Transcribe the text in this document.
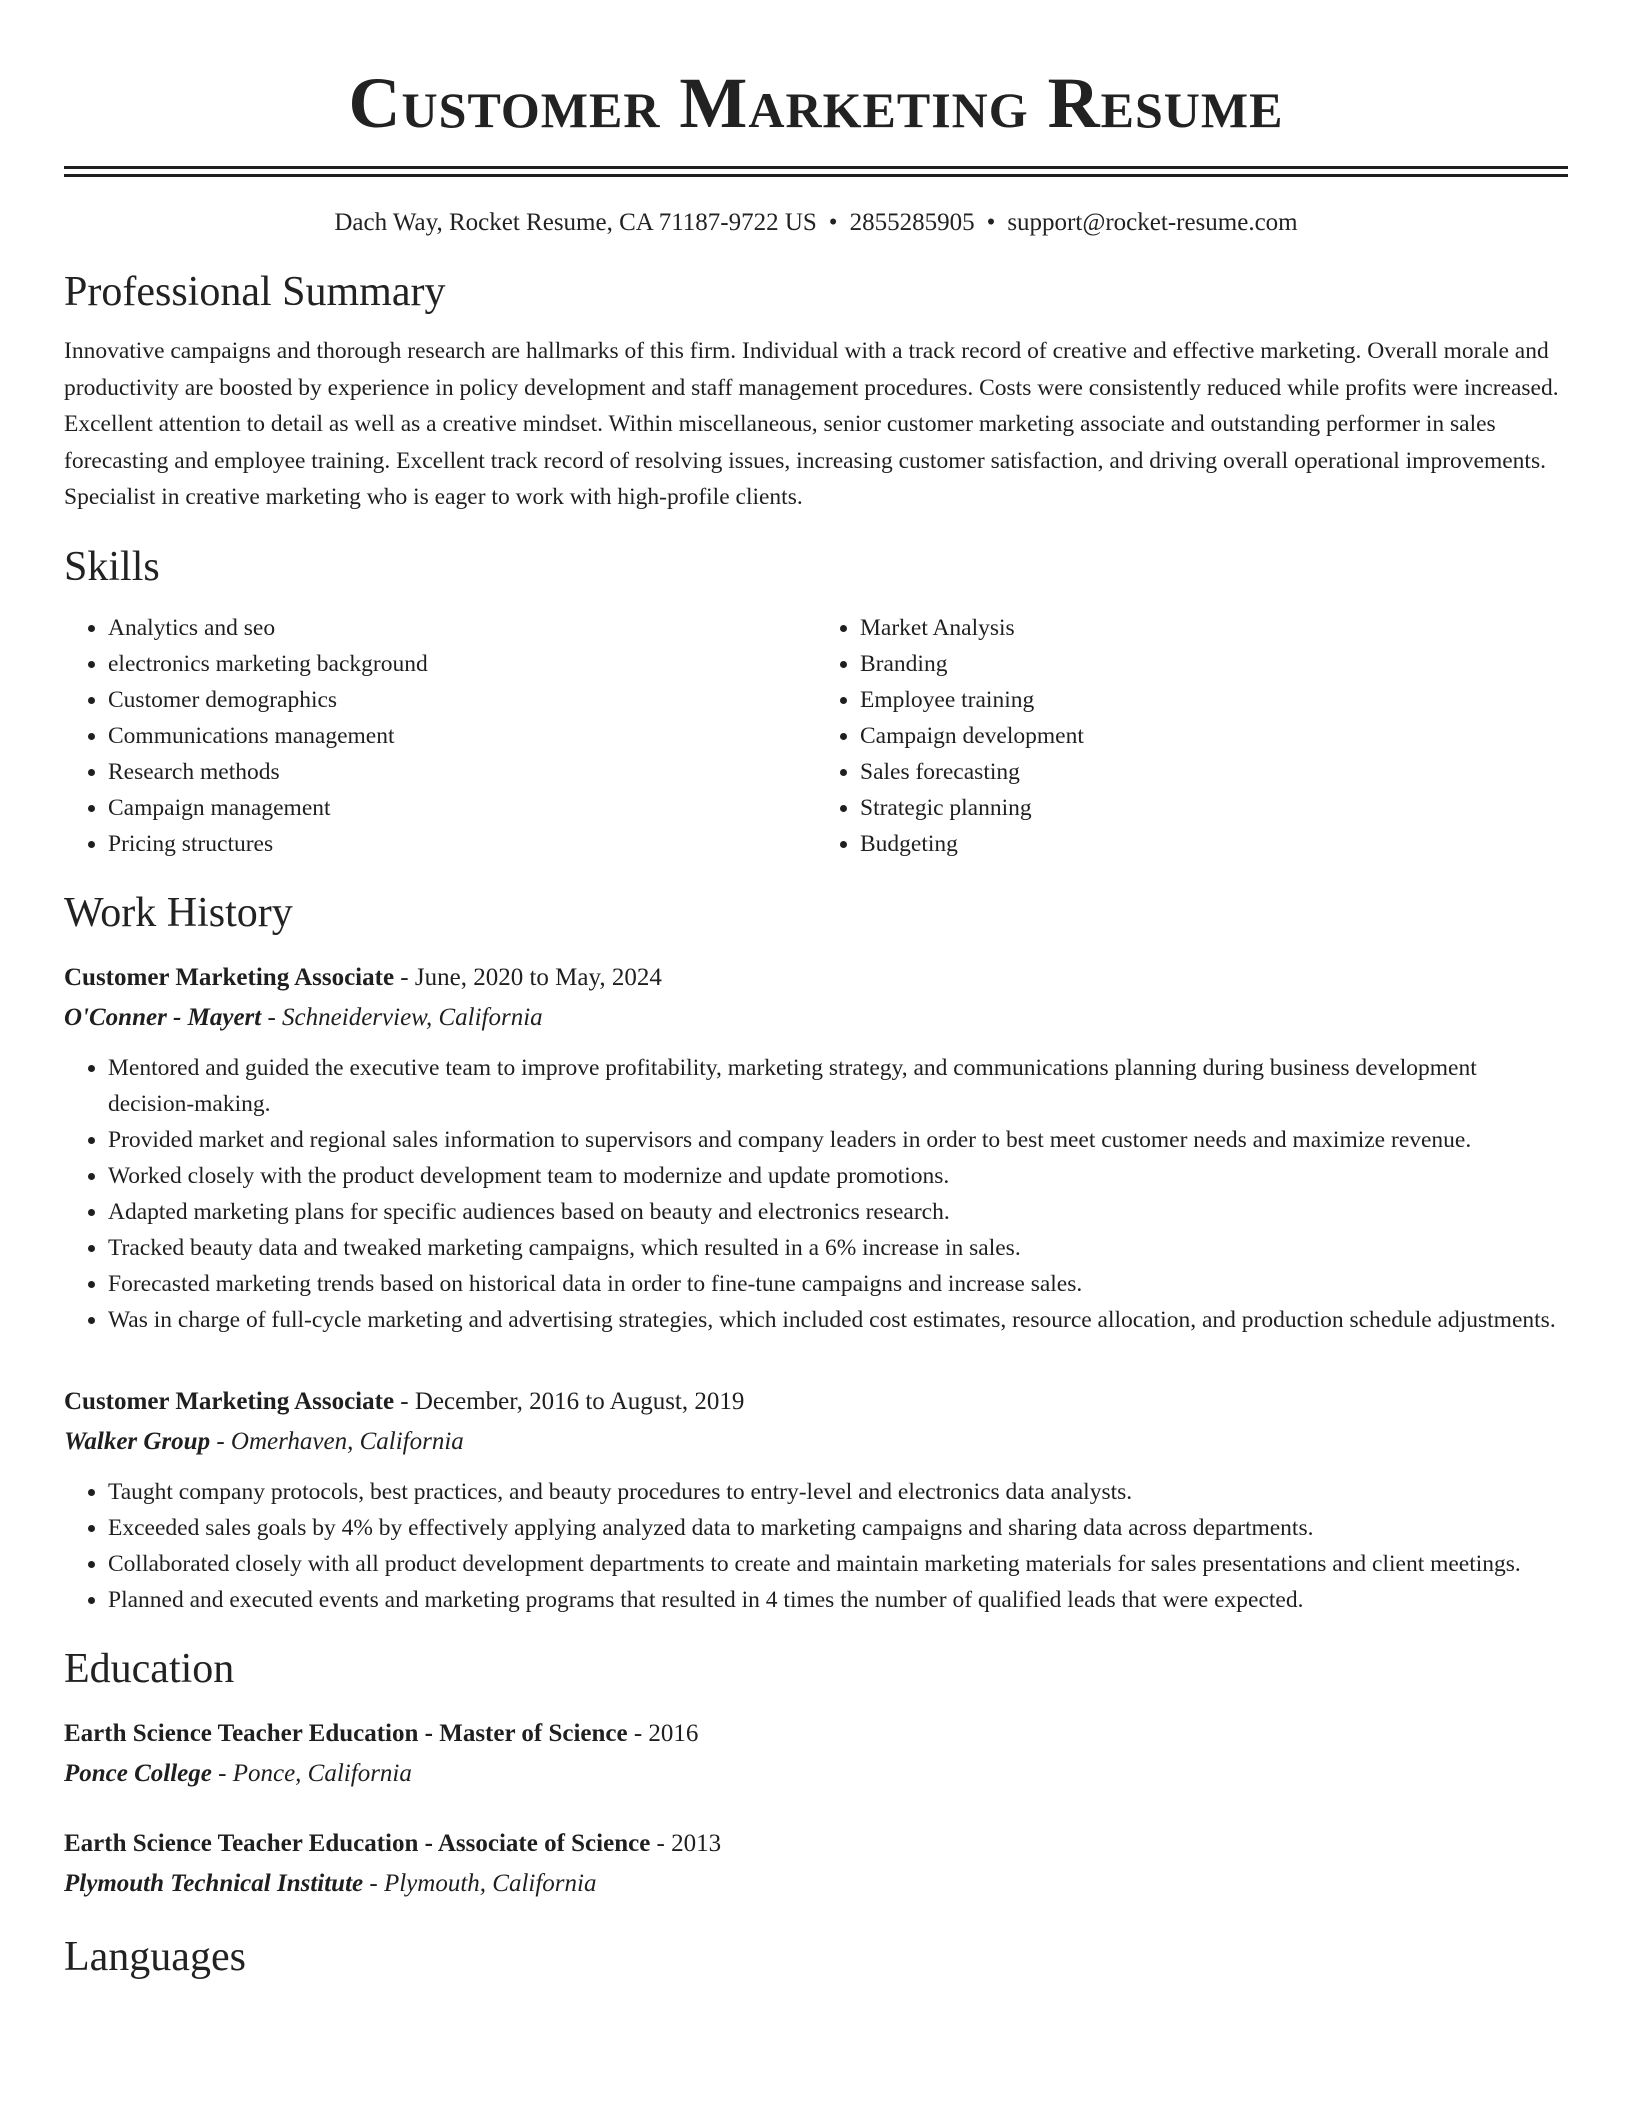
Customer Marketing Resume
Dach Way, Rocket Resume, CA 71187-9722 US • 2855285905 • support@rocket-resume.com
Professional Summary

Innovative campaigns and thorough research are hallmarks of this firm. Individual with a track record of creative and effective marketing. Overall morale and productivity are boosted by experience in policy development and staff management procedures. Costs were consistently reduced while profits were increased. Excellent attention to detail as well as a creative mindset. Within miscellaneous, senior customer marketing associate and outstanding performer in sales forecasting and employee training. Excellent track record of resolving issues, increasing customer satisfaction, and driving overall operational improvements. Specialist in creative marketing who is eager to work with high-profile clients.

Skills
• Analytics and seo
• electronics marketing background
• Customer demographics
• Communications management
• Research methods
• Campaign management
• Pricing structures
• Market Analysis
• Branding
• Employee training
• Campaign development
• Sales forecasting
• Strategic planning
• Budgeting
Work History
Customer Marketing Associate - June, 2020 to May, 2024
O'Conner - Mayert - Schneiderview, California
• Mentored and guided the executive team to improve profitability, marketing strategy, and communications planning during business development decision-making.
• Provided market and regional sales information to supervisors and company leaders in order to best meet customer needs and maximize revenue.
• Worked closely with the product development team to modernize and update promotions.
• Adapted marketing plans for specific audiences based on beauty and electronics research.
• Tracked beauty data and tweaked marketing campaigns, which resulted in a 6% increase in sales.
• Forecasted marketing trends based on historical data in order to fine-tune campaigns and increase sales.
• Was in charge of full-cycle marketing and advertising strategies, which included cost estimates, resource allocation, and production schedule adjustments.
Customer Marketing Associate - December, 2016 to August, 2019
Walker Group - Omerhaven, California
• Taught company protocols, best practices, and beauty procedures to entry-level and electronics data analysts.
• Exceeded sales goals by 4% by effectively applying analyzed data to marketing campaigns and sharing data across departments.
• Collaborated closely with all product development departments to create and maintain marketing materials for sales presentations and client meetings.
• Planned and executed events and marketing programs that resulted in 4 times the number of qualified leads that were expected.
Education
Earth Science Teacher Education - Master of Science - 2016
Ponce College - Ponce, California
Earth Science Teacher Education - Associate of Science - 2013
Plymouth Technical Institute - Plymouth, California
Languages
